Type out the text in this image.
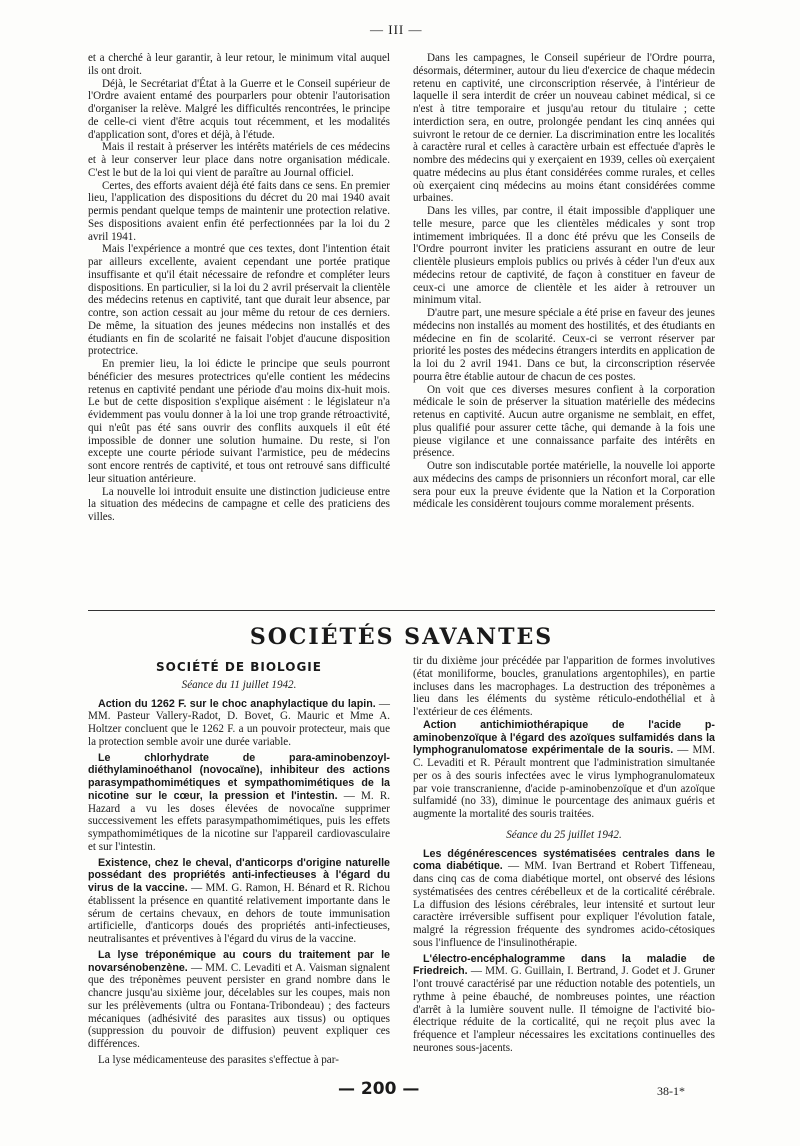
— III —

et a cherché à leur garantir, à leur retour, le minimum vital auquel ils ont droit.

Déjà, le Secrétariat d'État à la Guerre et le Conseil supérieur de l'Ordre avaient entamé des pourparlers pour obtenir l'autorisation d'organiser la relève. Malgré les difficultés rencontrées, le principe de celle-ci vient d'être acquis tout récemment, et les modalités d'application sont, d'ores et déjà, à l'étude.

Mais il restait à préserver les intérêts matériels de ces médecins et à leur conserver leur place dans notre organisation médicale. C'est le but de la loi qui vient de paraître au Journal officiel.

Certes, des efforts avaient déjà été faits dans ce sens. En premier lieu, l'application des dispositions du décret du 20 mai 1940 avait permis pendant quelque temps de maintenir une protection relative. Ses dispositions avaient enfin été perfectionnées par la loi du 2 avril 1941.

Mais l'expérience a montré que ces textes, dont l'intention était par ailleurs excellente, avaient cependant une portée pratique insuffisante et qu'il était nécessaire de refondre et compléter leurs dispositions. En particulier, si la loi du 2 avril préservait la clientèle des médecins retenus en captivité, tant que durait leur absence, par contre, son action cessait au jour même du retour de ces derniers. De même, la situation des jeunes médecins non installés et des étudiants en fin de scolarité ne faisait l'objet d'aucune disposition protectrice.

En premier lieu, la loi édicte le principe que seuls pourront bénéficier des mesures protectrices qu'elle contient les médecins retenus en captivité pendant une période d'au moins dix-huit mois. Le but de cette disposition s'explique aisément : le législateur n'a évidemment pas voulu donner à la loi une trop grande rétroactivité, qui n'eût pas été sans ouvrir des conflits auxquels il eût été impossible de donner une solution humaine. Du reste, si l'on excepte une courte période suivant l'armistice, peu de médecins sont encore rentrés de captivité, et tous ont retrouvé sans difficulté leur situation antérieure.

La nouvelle loi introduit ensuite une distinction judicieuse entre la situation des médecins de campagne et celle des praticiens des villes.

Dans les campagnes, le Conseil supérieur de l'Ordre pourra, désormais, déterminer, autour du lieu d'exercice de chaque médecin retenu en captivité, une circonscription réservée, à l'intérieur de laquelle il sera interdit de créer un nouveau cabinet médical, si ce n'est à titre temporaire et jusqu'au retour du titulaire ; cette interdiction sera, en outre, prolongée pendant les cinq années qui suivront le retour de ce dernier. La discrimination entre les localités à caractère rural et celles à caractère urbain est effectuée d'après le nombre des médecins qui y exerçaient en 1939, celles où exerçaient quatre médecins au plus étant considérées comme rurales, et celles où exerçaient cinq médecins au moins étant considérées comme urbaines.

Dans les villes, par contre, il était impossible d'appliquer une telle mesure, parce que les clientèles médicales y sont trop intimement imbriquées. Il a donc été prévu que les Conseils de l'Ordre pourront inviter les praticiens assurant en outre de leur clientèle plusieurs emplois publics ou privés à céder l'un d'eux aux médecins retour de captivité, de façon à constituer en faveur de ceux-ci une amorce de clientèle et les aider à retrouver un minimum vital.

D'autre part, une mesure spéciale a été prise en faveur des jeunes médecins non installés au moment des hostilités, et des étudiants en médecine en fin de scolarité. Ceux-ci se verront réserver par priorité les postes des médecins étrangers interdits en application de la loi du 2 avril 1941. Dans ce but, la circonscription réservée pourra être établie autour de chacun de ces postes.

On voit que ces diverses mesures confient à la corporation médicale le soin de préserver la situation matérielle des médecins retenus en captivité. Aucun autre organisme ne semblait, en effet, plus qualifié pour assurer cette tâche, qui demande à la fois une pieuse vigilance et une connaissance parfaite des intérêts en présence.

Outre son indiscutable portée matérielle, la nouvelle loi apporte aux médecins des camps de prisonniers un réconfort moral, car elle sera pour eux la preuve évidente que la Nation et la Corporation médicale les considèrent toujours comme moralement présents.

SOCIÉTÉS SAVANTES
SOCIÉTÉ DE BIOLOGIE
Séance du 11 juillet 1942.

Action du 1262 F. sur le choc anaphylactique du lapin. — MM. Pasteur Vallery-Radot, D. Bovet, G. Mauric et Mme A. Holtzer concluent que le 1262 F. a un pouvoir protecteur, mais que la protection semble avoir une durée variable.

Le chlorhydrate de para-aminobenzoyl-diéthylaminoéthanol (novocaïne), inhibiteur des actions parasympathomimétiques et sympathomimétiques de la nicotine sur le cœur, la pression et l'intestin. — M. R. Hazard a vu les doses élevées de novocaïne supprimer successivement les effets parasympathomimétiques, puis les effets sympathomimétiques de la nicotine sur l'appareil cardiovasculaire et sur l'intestin.

Existence, chez le cheval, d'anticorps d'origine naturelle possédant des propriétés anti-infectieuses à l'égard du virus de la vaccine. — MM. G. Ramon, H. Bénard et R. Richou établissent la présence en quantité relativement importante dans le sérum de certains chevaux, en dehors de toute immunisation artificielle, d'anticorps doués des propriétés anti-infectieuses, neutralisantes et préventives à l'égard du virus de la vaccine.

La lyse tréponémique au cours du traitement par le novarsénobenzène. — MM. C. Levaditi et A. Vaisman signalent que des tréponèmes peuvent persister en grand nombre dans le chancre jusqu'au sixième jour, décelables sur les coupes, mais non sur les prélèvements (ultra ou Fontana-Tribondeau) ; des facteurs mécaniques (adhésivité des parasites aux tissus) ou optiques (suppression du pouvoir de diffusion) peuvent expliquer ces différences.

La lyse médicamenteuse des parasites s'effectue à par-

tir du dixième jour précédée par l'apparition de formes involutives (état moniliforme, boucles, granulations argentophiles), en partie incluses dans les macrophages. La destruction des tréponèmes a lieu dans les éléments du système réticulo-endothélial et à l'extérieur de ces éléments.

Action antichimiothérapique de l'acide p-aminobenzoïque à l'égard des azoïques sulfamidés dans la lymphogranulomatose expérimentale de la souris. — MM. C. Levaditi et R. Pérault montrent que l'administration simultanée per os à des souris infectées avec le virus lymphogranulomateux par voie transcranienne, d'acide p-aminobenzoïque et d'un azoïque sulfamidé (no 33), diminue le pourcentage des animaux guéris et augmente la mortalité des souris traitées.

Séance du 25 juillet 1942.

Les dégénérescences systématisées centrales dans le coma diabétique. — MM. Ivan Bertrand et Robert Tiffeneau, dans cinq cas de coma diabétique mortel, ont observé des lésions systématisées des centres cérébelleux et de la corticalité cérébrale. La diffusion des lésions cérébrales, leur intensité et surtout leur caractère irréversible suffisent pour expliquer l'évolution fatale, malgré la régression fréquente des syndromes acido-cétosiques sous l'influence de l'insulinothérapie.

L'électro-encéphalogramme dans la maladie de Friedreich. — MM. G. Guillain, I. Bertrand, J. Godet et J. Gruner l'ont trouvé caractérisé par une réduction notable des potentiels, un rythme à peine ébauché, de nombreuses pointes, une réaction d'arrêt à la lumière souvent nulle. Il témoigne de l'activité bio-électrique réduite de la corticalité, qui ne reçoit plus avec la fréquence et l'ampleur nécessaires les excitations continuelles des neurones sous-jacents.

— 200 —	38-1*
